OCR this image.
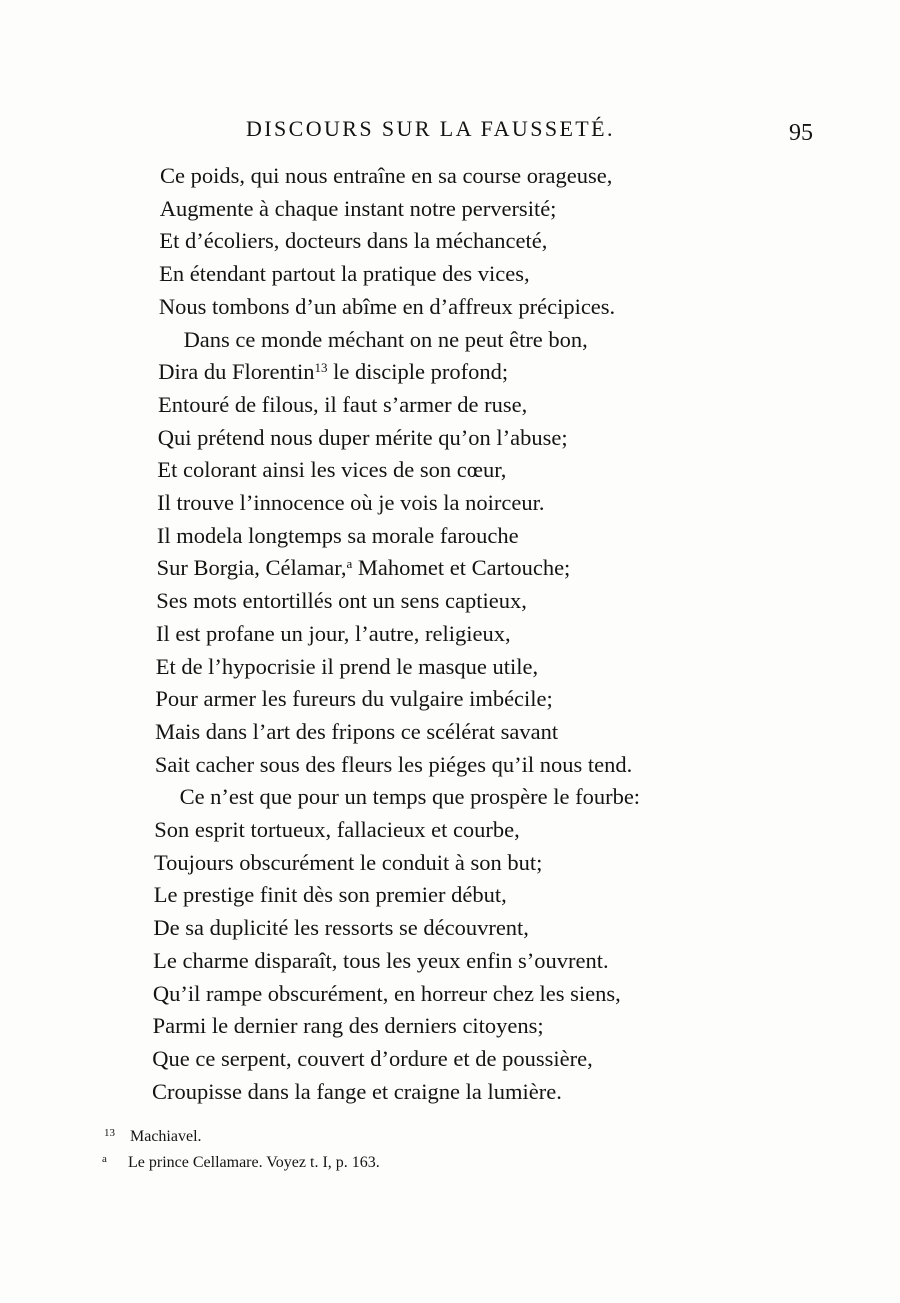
DISCOURS SUR LA FAUSSETÉ.	95
Ce poids, qui nous entraîne en sa course orageuse,
Augmente à chaque instant notre perversité;
Et d’écoliers, docteurs dans la méchanceté,
En étendant partout la pratique des vices,
Nous tombons d’un abîme en d’affreux précipices.
Dans ce monde méchant on ne peut être bon,
Dira du Florentin$^{13}$ le disciple profond;
Entouré de filous, il faut s’armer de ruse,
Qui prétend nous duper mérite qu’on l’abuse;
Et colorant ainsi les vices de son cœur,
Il trouve l’innocence où je vois la noirceur.
Il modela longtemps sa morale farouche
Sur Borgia, Célamar,$^a$ Mahomet et Cartouche;
Ses mots entortillés ont un sens captieux,
Il est profane un jour, l’autre, religieux,
Et de l’hypocrisie il prend le masque utile,
Pour armer les fureurs du vulgaire imbécile;
Mais dans l’art des fripons ce scélérat savant
Sait cacher sous des fleurs les piéges qu’il nous tend.
Ce n’est que pour un temps que prospère le fourbe:
Son esprit tortueux, fallacieux et courbe,
Toujours obscurément le conduit à son but;
Le prestige finit dès son premier début,
De sa duplicité les ressorts se découvrent,
Le charme disparaît, tous les yeux enfin s’ouvrent.
Qu’il rampe obscurément, en horreur chez les siens,
Parmi le dernier rang des derniers citoyens;
Que ce serpent, couvert d’ordure et de poussière,
Croupisse dans la fange et craigne la lumière.
13 Machiavel.
a Le prince Cellamare. Voyez t. I, p. 163.
